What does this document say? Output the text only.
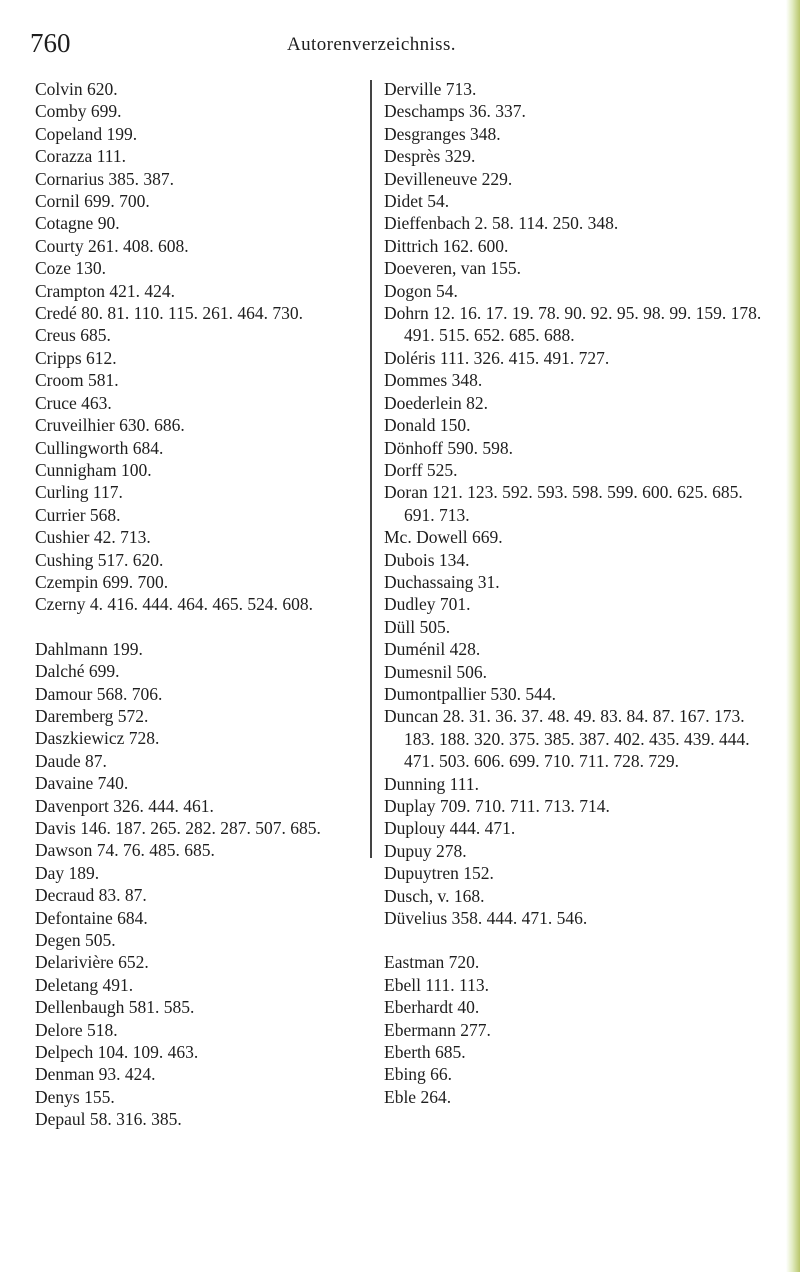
760	Autorenverzeichniss.
Colvin 620.
Comby 699.
Copeland 199.
Corazza 111.
Cornarius 385. 387.
Cornil 699. 700.
Cotagne 90.
Courty 261. 408. 608.
Coze 130.
Crampton 421. 424.
Credé 80. 81. 110. 115. 261. 464. 730.
Creus 685.
Cripps 612.
Croom 581.
Cruce 463.
Cruveilhier 630. 686.
Cullingworth 684.
Cunnigham 100.
Curling 117.
Currier 568.
Cushier 42. 713.
Cushing 517. 620.
Czempin 699. 700.
Czerny 4. 416. 444. 464. 465. 524. 608.
Dahlmann 199.
Dalché 699.
Damour 568. 706.
Daremberg 572.
Daszkiewicz 728.
Daude 87.
Davaine 740.
Davenport 326. 444. 461.
Davis 146. 187. 265. 282. 287. 507. 685.
Dawson 74. 76. 485. 685.
Day 189.
Decraud 83. 87.
Defontaine 684.
Degen 505.
Delarivière 652.
Deletang 491.
Dellenbaugh 581. 585.
Delore 518.
Delpech 104. 109. 463.
Denman 93. 424.
Denys 155.
Depaul 58. 316. 385.
Derville 713.
Deschamps 36. 337.
Desgranges 348.
Desprès 329.
Devilleneuve 229.
Didet 54.
Dieffenbach 2. 58. 114. 250. 348.
Dittrich 162. 600.
Doeveren, van 155.
Dogon 54.
Dohrn 12. 16. 17. 19. 78. 90. 92. 95. 98. 99. 159. 178. 491. 515. 652. 685. 688.
Doléris 111. 326. 415. 491. 727.
Dommes 348.
Doederlein 82.
Donald 150.
Dönhoff 590. 598.
Dorff 525.
Doran 121. 123. 592. 593. 598. 599. 600. 625. 685. 691. 713.
Mc. Dowell 669.
Dubois 134.
Duchassaing 31.
Dudley 701.
Düll 505.
Duménil 428.
Dumesnil 506.
Dumontpallier 530. 544.
Duncan 28. 31. 36. 37. 48. 49. 83. 84. 87. 167. 173. 183. 188. 320. 375. 385. 387. 402. 435. 439. 444. 471. 503. 606. 699. 710. 711. 728. 729.
Dunning 111.
Duplay 709. 710. 711. 713. 714.
Duplouy 444. 471.
Dupuy 278.
Dupuytren 152.
Dusch, v. 168.
Düvelius 358. 444. 471. 546.
Eastman 720.
Ebell 111. 113.
Eberhardt 40.
Ebermann 277.
Eberth 685.
Ebing 66.
Eble 264.
